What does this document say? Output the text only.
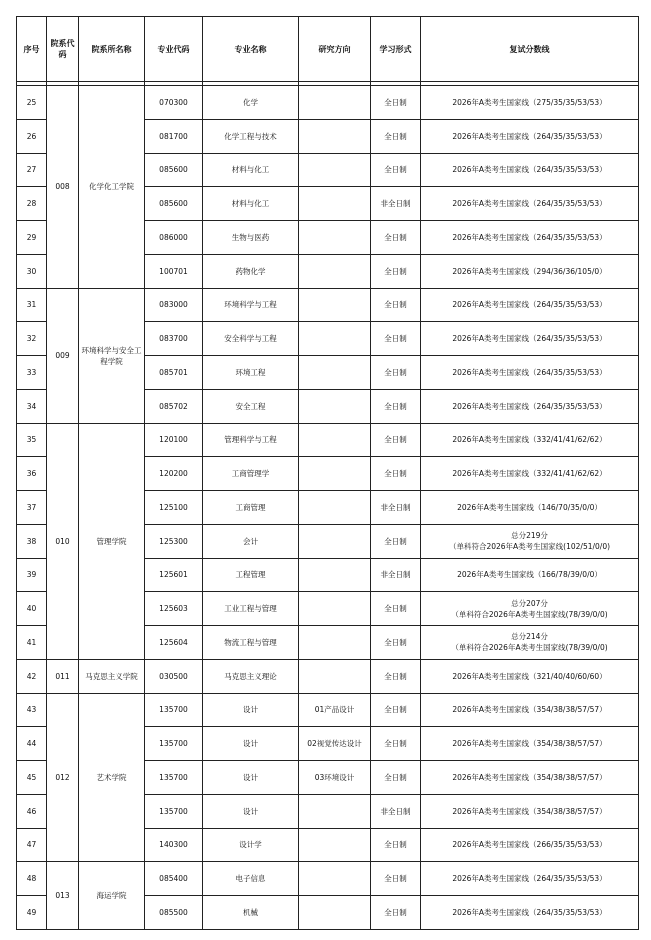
序号	院系代码	院系所名称	专业代码	专业名称	研究方向	学习形式	复试分数线

25	008	化学化工学院	070300	化学		全日制	2026年A类考生国家线（275/35/35/53/53）

26			081700	化学工程与技术		全日制	2026年A类考生国家线（264/35/35/53/53）

27			085600	材料与化工		全日制	2026年A类考生国家线（264/35/35/53/53）

28			085600	材料与化工		非全日制	2026年A类考生国家线（264/35/35/53/53）

29			086000	生物与医药		全日制	2026年A类考生国家线（264/35/35/53/53）

30			100701	药物化学		全日制	2026年A类考生国家线（294/36/36/105/0）

31	009	环境科学与安全工程学院	083000	环境科学与工程		全日制	2026年A类考生国家线（264/35/35/53/53）

32			083700	安全科学与工程		全日制	2026年A类考生国家线（264/35/35/53/53）

33			085701	环境工程		全日制	2026年A类考生国家线（264/35/35/53/53）

34			085702	安全工程		全日制	2026年A类考生国家线（264/35/35/53/53）

35	010	管理学院	120100	管理科学与工程		全日制	2026年A类考生国家线（332/41/41/62/62）

36			120200	工商管理学		全日制	2026年A类考生国家线（332/41/41/62/62）

37			125100	工商管理		非全日制	2026年A类考生国家线（146/70/35/0/0）

38			125300	会计		全日制	总分219分
（单科符合2026年A类考生国家线(102/51/0/0)

39			125601	工程管理		非全日制	2026年A类考生国家线（166/78/39/0/0）

40			125603	工业工程与管理		全日制	总分207分
（单科符合2026年A类考生国家线(78/39/0/0)

41			125604	物流工程与管理		全日制	总分214分
（单科符合2026年A类考生国家线(78/39/0/0)

42	011	马克思主义学院	030500	马克思主义理论		全日制	2026年A类考生国家线（321/40/40/60/60）

43	012	艺术学院	135700	设计	01产品设计	全日制	2026年A类考生国家线（354/38/38/57/57）

44			135700	设计	02视觉传达设计	全日制	2026年A类考生国家线（354/38/38/57/57）

45			135700	设计	03环境设计	全日制	2026年A类考生国家线（354/38/38/57/57）

46			135700	设计		非全日制	2026年A类考生国家线（354/38/38/57/57）

47			140300	设计学		全日制	2026年A类考生国家线（266/35/35/53/53）

48	013	海运学院	085400	电子信息		全日制	2026年A类考生国家线（264/35/35/53/53）

49			085500	机械		全日制	2026年A类考生国家线（264/35/35/53/53）
